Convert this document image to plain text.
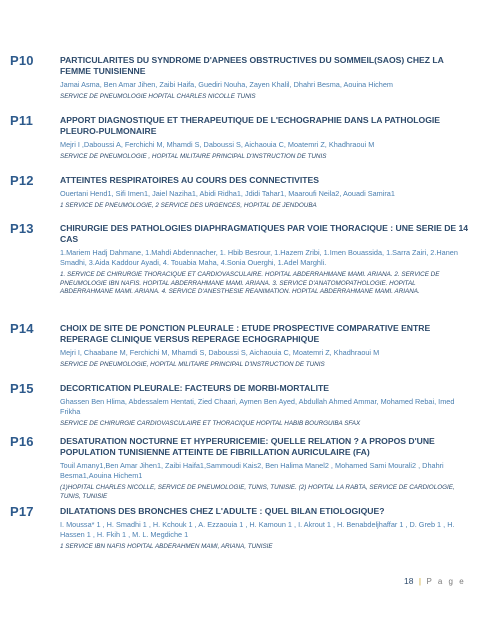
P10	PARTICULARITES DU SYNDROME D'APNEES OBSTRUCTIVES DU SOMMEIL(SAOS) CHEZ LA FEMME TUNISIENNE
Jamai Asma, Ben Amar Jihen, Zaibi Haifa, Guediri Nouha, Zayen Khalil, Dhahri Besma, Aouina Hichem
SERVICE DE PNEUMOLOGIE HOPITAL CHARLES NICOLLE TUNIS
P11	APPORT DIAGNOSTIQUE ET THERAPEUTIQUE DE L'ECHOGRAPHIE DANS LA PATHOLOGIE PLEURO-PULMONAIRE
Mejri I ,Daboussi A, Ferchichi M, Mhamdi S, Daboussi S, Aichaouia C, Moatemri Z, Khadhraoui M
SERVICE DE PNEUMOLOGIE , HOPITAL MILITAIRE PRINCIPAL D'INSTRUCTION DE TUNIS
P12	ATTEINTES RESPIRATOIRES AU COURS DES CONNECTIVITES
Ouertani Hend1, Sifi Imen1, Jaiel Naziha1, Abidi Ridha1, Jdidi Tahar1, Maaroufi Neila2, Aouadi Samira1
1 SERVICE DE PNEUMOLOGIE, 2 SERVICE DES URGENCES, HOPITAL DE JENDOUBA
P13	CHIRURGIE DES PATHOLOGIES DIAPHRAGMATIQUES PAR VOIE THORACIQUE : UNE SERIE DE 14 CAS
1.Mariem Hadj Dahmane, 1.Mahdi Abdennacher, 1. Hbib Besrour, 1.Hazem Zribi, 1.Imen Bouassida, 1.Sarra Zairi, 2.Hanen Smadhi, 3.Aida Kaddour Ayadi, 4. Touabia Maha, 4.Sonia Ouerghi, 1.Adel Marghli.
1. SERVICE DE CHIRURGIE THORACIQUE ET CARDIOVASCULAIRE. HOPITAL ABDERRAHMANE MAMI. ARIANA. 2. SERVICE DE PNEUMOLOGIE IBN NAFIS. HOPITAL ABDERRAHMANE MAMI. ARIANA. 3. SERVICE D'ANATOMOPATHOLOGIE. HOPITAL ABDERRAHMANE MAMI. ARIANA. 4. SERVICE D'ANESTHESIE REANIMATION. HOPITAL ABDERRAHMANE MAMI. ARIANA.
P14	CHOIX DE SITE DE PONCTION PLEURALE : ETUDE PROSPECTIVE COMPARATIVE ENTRE REPERAGE CLINIQUE VERSUS REPERAGE ECHOGRAPHIQUE
Mejri I, Chaabane M, Ferchichi M, Mhamdi S, Daboussi S, Aichaouia C, Moatemri Z, Khadhraoui M
SERVICE DE PNEUMOLOGIE, HOPITAL MILITAIRE PRINCIPAL D'INSTRUCTION DE TUNIS
P15	DECORTICATION PLEURALE: FACTEURS DE MORBI-MORTALITE
Ghassen Ben Hlima, Abdessalem Hentati, Zied Chaari, Aymen Ben Ayed, Abdullah Ahmed Ammar, Mohamed Rebai, Imed Frikha
SERVICE DE CHIRURGIE CARDIOVASCULAIRE ET THORACIQUE HOPITAL HABIB BOURGUIBA SFAX
P16	DESATURATION NOCTURNE ET HYPERURICEMIE: QUELLE RELATION ? A PROPOS D'UNE POPULATION TUNISIENNE ATTEINTE DE FIBRILLATION AURICULAIRE (FA)
Touil Amany1,Ben Amar Jihen1, Zaibi Haifa1,Sammoudi Kais2, Ben Halima Manel2 , Mohamed Sami Mourali2 , Dhahri Besma1,Aouina Hichem1
(1)HOPITAL CHARLES NICOLLE, SERVICE DE PNEUMOLOGIE, TUNIS, TUNISIE. (2) HOPITAL LA RABTA, SERVICE DE CARDIOLOGIE, TUNIS, TUNISIE
P17	DILATATIONS DES BRONCHES CHEZ L'ADULTE : QUEL BILAN ETIOLOGIQUE?
I. Moussa* 1 , H. Smadhi 1 , H. Kchouk 1 , A. Ezzaouia 1 , H. Kamoun 1 , I. Akrout 1 , H. Benabdeljhaffar 1 , D. Greb 1 , H. Hassen 1 , H. Fkih 1 , M. L. Megdiche 1
1 SERVICE IBN NAFIS HOPITAL ABDERAHMEN MAMI, ARIANA, TUNISIE
18 | P a g e
